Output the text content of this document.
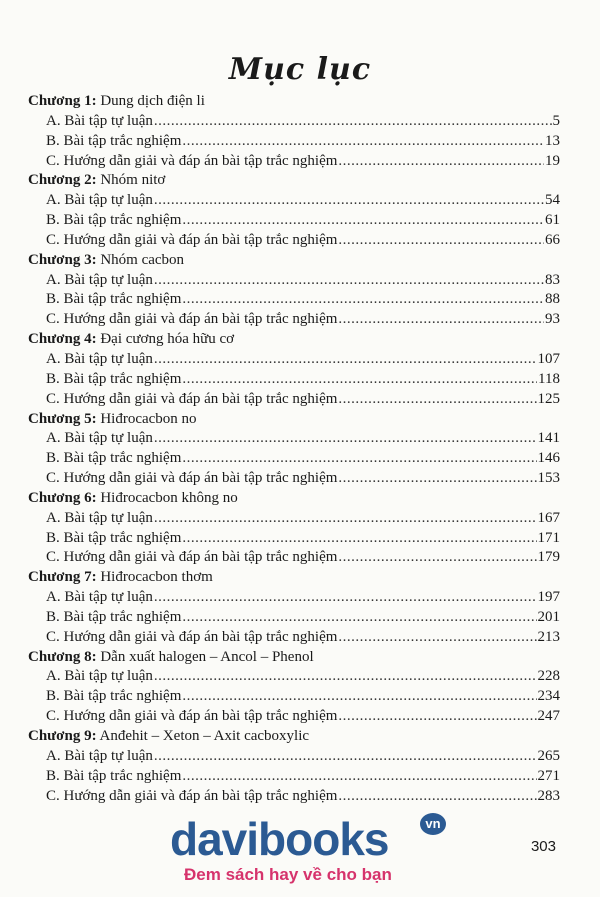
Mục lục
Chương 1: Dung dịch điện li
A. Bài tập tự luận .....	5
B. Bài tập trắc nghiệm .....	13
C. Hướng dẫn giải và đáp án bài tập trắc nghiệm .....	19
Chương 2: Nhóm nitơ
A. Bài tập tự luận .....	54
B. Bài tập trắc nghiệm .....	61
C. Hướng dẫn giải và đáp án bài tập trắc nghiệm .....	66
Chương 3: Nhóm cacbon
A. Bài tập tự luận .....	83
B. Bài tập trắc nghiệm .....	88
C. Hướng dẫn giải và đáp án bài tập trắc nghiệm .....	93
Chương 4: Đại cương hóa hữu cơ
A. Bài tập tự luận .....	107
B. Bài tập trắc nghiệm .....	118
C. Hướng dẫn giải và đáp án bài tập trắc nghiệm .....	125
Chương 5: Hiđrocacbon no
A. Bài tập tự luận .....	141
B. Bài tập trắc nghiệm .....	146
C. Hướng dẫn giải và đáp án bài tập trắc nghiệm .....	153
Chương 6: Hiđrocacbon không no
A. Bài tập tự luận .....	167
B. Bài tập trắc nghiệm .....	171
C. Hướng dẫn giải và đáp án bài tập trắc nghiệm .....	179
Chương 7: Hiđrocacbon thơm
A. Bài tập tự luận .....	197
B. Bài tập trắc nghiệm .....	201
C. Hướng dẫn giải và đáp án bài tập trắc nghiệm .....	213
Chương 8: Dẫn xuất halogen – Ancol – Phenol
A. Bài tập tự luận .....	228
B. Bài tập trắc nghiệm .....	234
C. Hướng dẫn giải và đáp án bài tập trắc nghiệm .....	247
Chương 9: Anđehit – Xeton – Axit cacboxylic
A. Bài tập tự luận .....	265
B. Bài tập trắc nghiệm .....	271
C. Hướng dẫn giải và đáp án bài tập trắc nghiệm .....	283
davibooks	vn
Đem sách hay về cho bạn
303
